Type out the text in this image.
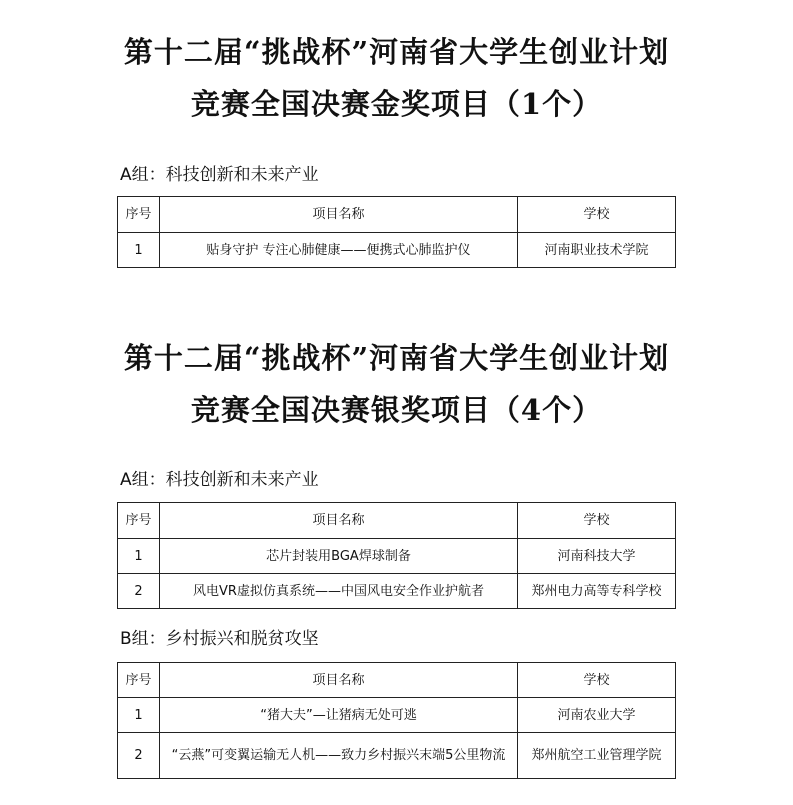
第十二届“挑战杯”河南省大学生创业计划
竞赛全国决赛金奖项目（1个）
A组：科技创新和未来产业
序号	项目名称	学校
1	贴身守护 专注心肺健康——便携式心肺监护仪	河南职业技术学院
第十二届“挑战杯”河南省大学生创业计划
竞赛全国决赛银奖项目（4个）
A组：科技创新和未来产业
序号	项目名称	学校
1	芯片封装用BGA焊球制备	河南科技大学
2	风电VR虚拟仿真系统——中国风电安全作业护航者	郑州电力高等专科学校
B组：乡村振兴和脱贫攻坚
序号	项目名称	学校
1	“猪大夫”—让猪病无处可逃	河南农业大学
2	“云燕”可变翼运输无人机——致力乡村振兴末端5公里物流	郑州航空工业管理学院
